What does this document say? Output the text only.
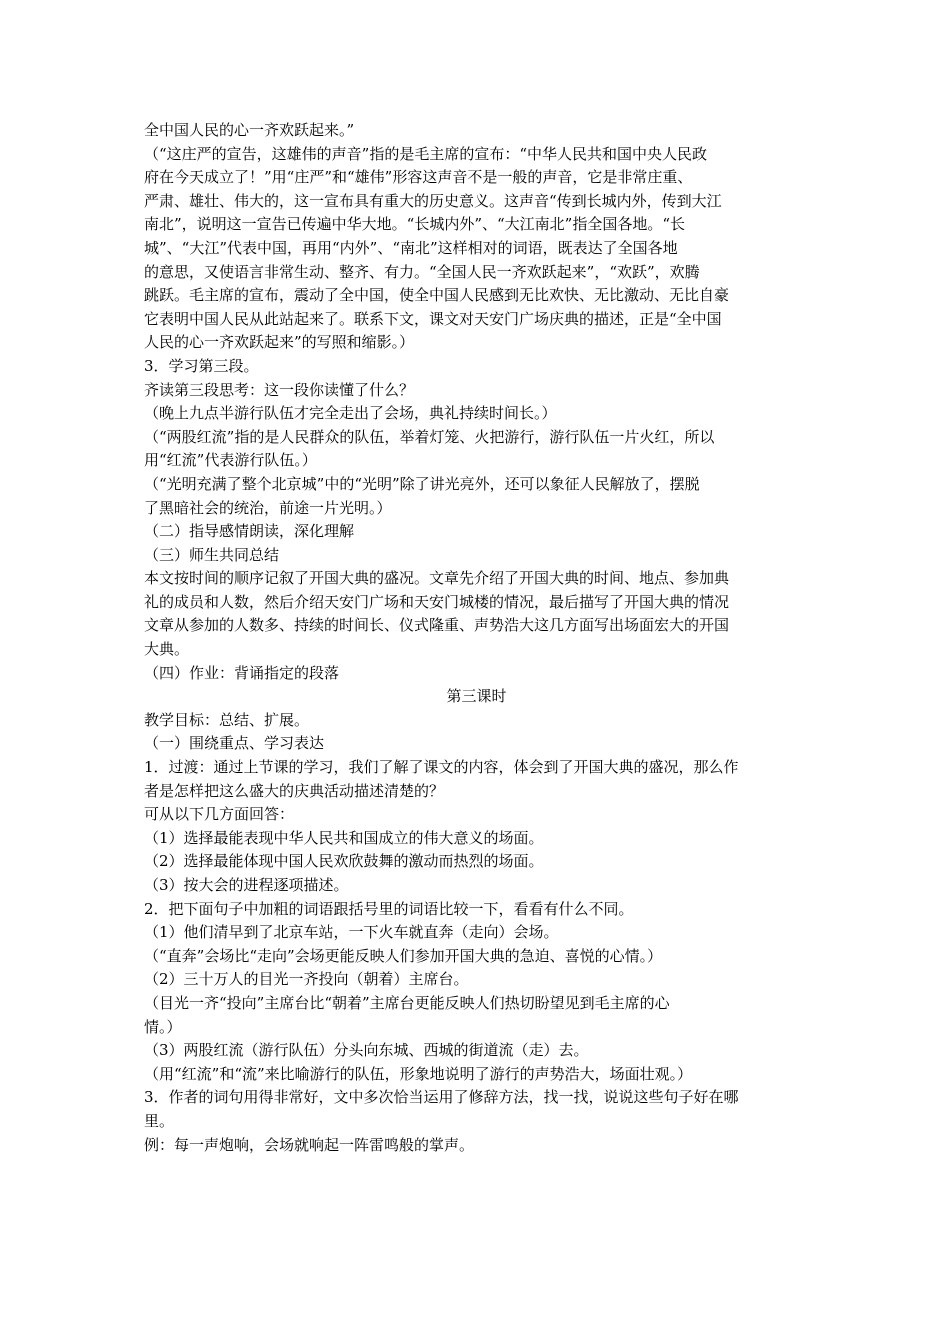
全中国人民的心一齐欢跃起来。”
（“这庄严的宣告，这雄伟的声音”指的是毛主席的宣布：“中华人民共和国中央人民政
府在今天成立了！”用“庄严”和“雄伟”形容这声音不是一般的声音，它是非常庄重、
严肃、雄壮、伟大的，这一宣布具有重大的历史意义。这声音“传到长城内外，传到大江
南北”，说明这一宣告已传遍中华大地。“长城内外”、“大江南北”指全国各地。“长
城”、“大江”代表中国，再用“内外”、“南北”这样相对的词语，既表达了全国各地
的意思，又使语言非常生动、整齐、有力。“全国人民一齐欢跃起来”，“欢跃”，欢腾
跳跃。毛主席的宣布，震动了全中国，使全中国人民感到无比欢快、无比激动、无比自豪
它表明中国人民从此站起来了。联系下文，课文对天安门广场庆典的描述，正是“全中国
人民的心一齐欢跃起来”的写照和缩影。）
3．学习第三段。
齐读第三段思考：这一段你读懂了什么？
（晚上九点半游行队伍才完全走出了会场，典礼持续时间长。）
（“两股红流”指的是人民群众的队伍，举着灯笼、火把游行，游行队伍一片火红，所以
用“红流”代表游行队伍。）
（“光明充满了整个北京城”中的“光明”除了讲光亮外，还可以象征人民解放了，摆脱
了黑暗社会的统治，前途一片光明。）
（二）指导感情朗读，深化理解
（三）师生共同总结
本文按时间的顺序记叙了开国大典的盛况。文章先介绍了开国大典的时间、地点、参加典
礼的成员和人数，然后介绍天安门广场和天安门城楼的情况，最后描写了开国大典的情况
文章从参加的人数多、持续的时间长、仪式隆重、声势浩大这几方面写出场面宏大的开国
大典。
（四）作业：背诵指定的段落
第三课时
教学目标：总结、扩展。
（一）围绕重点、学习表达
1．过渡：通过上节课的学习，我们了解了课文的内容，体会到了开国大典的盛况，那么作
者是怎样把这么盛大的庆典活动描述清楚的？
可从以下几方面回答：
（1）选择最能表现中华人民共和国成立的伟大意义的场面。
（2）选择最能体现中国人民欢欣鼓舞的激动而热烈的场面。
（3）按大会的进程逐项描述。
2．把下面句子中加粗的词语跟括号里的词语比较一下，看看有什么不同。
（1）他们清早到了北京车站，一下火车就直奔（走向）会场。
（“直奔”会场比“走向”会场更能反映人们参加开国大典的急迫、喜悦的心情。）
（2）三十万人的目光一齐投向（朝着）主席台。
（目光一齐“投向”主席台比“朝着”主席台更能反映人们热切盼望见到毛主席的心
情。）
（3）两股红流（游行队伍）分头向东城、西城的街道流（走）去。
（用“红流”和“流”来比喻游行的队伍，形象地说明了游行的声势浩大，场面壮观。）
3．作者的词句用得非常好，文中多次恰当运用了修辞方法，找一找，说说这些句子好在哪
里。
例：每一声炮响，会场就响起一阵雷鸣般的掌声。
